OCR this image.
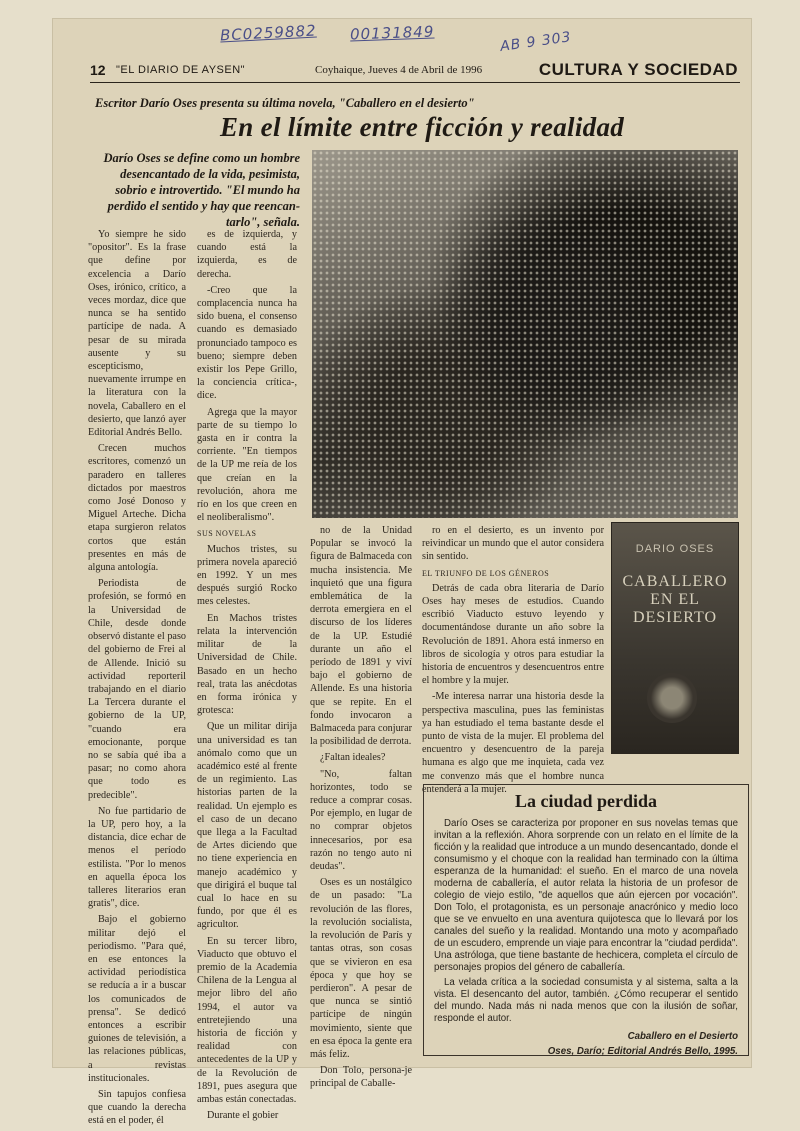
BC0259882 00131849	AB 9 303
12 "EL DIARIO DE AYSEN"	Coyhaique, Jueves 4 de Abril de 1996	CULTURA Y SOCIEDAD
Escritor Darío Oses presenta su última novela, "Caballero en el desierto"
En el límite entre ficción y realidad
Darío Oses se define como un hombre
desencantado de la vida, pesimista,
sobrio e introvertido. "El mundo ha
perdido el sentido y hay que reencan-
tarlo", señala.

Yo siempre he sido "opositor". Es la frase que define por excelencia a Darío Oses, irónico, crítico, a veces mordaz, dice que nunca se ha sentido partícipe de nada. A pesar de su mirada ausente y su escepticismo, nuevamente irrumpe en la literatura con la novela, Caballero en el desierto, que lanzó ayer Editorial Andrés Bello.

Crecen muchos escritores, comenzó un paradero en talleres dictados por maestros como José Donoso y Miguel Arteche. Dicha etapa surgieron relatos cortos que están presentes en más de alguna antología.

Periodista de profesión, se formó en la Universidad de Chile, desde donde observó distante el paso del gobierno de Frei al de Allende. Inició su actividad reporteril trabajando en el diario La Tercera durante el gobierno de la UP, "cuando era emocionante, porque no se sabía qué iba a pasar; no como ahora que todo es predecible".

No fue partidario de la UP, pero hoy, a la distancia, dice echar de menos el período estilista. "Por lo menos en aquella época los talleres literarios eran gratis", dice.

Bajo el gobierno militar dejó el periodismo. "Para qué, en ese entonces la actividad periodística se reducía a ir a buscar los comunicados de prensa". Se dedicó entonces a escribir guiones de televisión, a las relaciones públicas, a revistas institucionales.

Sin tapujos confiesa que cuando la derecha está en el poder, él

es de izquierda, y cuando está la izquierda, es de derecha.

-Creo que la complacencia nunca ha sido buena, el consenso cuando es demasiado pronunciado tampoco es bueno; siempre deben existir los Pepe Grillo, la conciencia crítica-, dice.

Agrega que la mayor parte de su tiempo lo gasta en ir contra la corriente. "En tiempos de la UP me reía de los que creían en la revolución, ahora me río en los que creen en el neoliberalismo".

SUS NOVELAS

Muchos tristes, su primera novela apareció en 1992. Y un mes después surgió Rocko mes celestes.

En Machos tristes relata la intervención militar de la Universidad de Chile. Basado en un hecho real, trata las anécdotas en forma irónica y grotesca:

Que un militar dirija una universidad es tan anómalo como que un académico esté al frente de un regimiento. Las historias parten de la realidad. Un ejemplo es el caso de un decano que llega a la Facultad de Artes diciendo que no tiene experiencia en manejo académico y que dirigirá el buque tal cual lo hace en su fundo, por que él es agricultor.

En su tercer libro, Viaducto que obtuvo el premio de la Academia Chilena de la Lengua al mejor libro del año 1994, el autor va entretejiendo una historia de ficción y realidad con antecedentes de la UP y de la Revolución de 1891, pues asegura que ambas están conectadas.

Durante el gobier

no de la Unidad Popular se invocó la figura de Balmaceda con mucha insistencia. Me inquietó que una figura emblemática de la derrota emergiera en el discurso de los líderes de la UP. Estudié durante un año el período de 1891 y viví bajo el gobierno de Allende. Es una historia que se repite. En el fondo invocaron a Balmaceda para conjurar la posibilidad de derrota.

¿Faltan ideales?

"No, faltan horizontes, todo se reduce a comprar cosas. Por ejemplo, en lugar de no comprar objetos innecesarios, por esa razón no tengo auto ni deudas".

Oses es un nostálgico de un pasado: "La revolución de las flores, la revolución socialista, la revolución de París y tantas otras, son cosas que se vivieron en esa época y que hoy se perdieron". A pesar de que nunca se sintió partícipe de ningún movimiento, siente que en esa época la gente era más feliz.

Don Tolo, persona-je principal de Caballe-

ro en el desierto, es un invento por reivindicar un mundo que el autor considera sin sentido.

EL TRIUNFO DE LOS GÉNEROS

Detrás de cada obra literaria de Darío Oses hay meses de estudios. Cuando escribió Viaducto estuvo leyendo y documentándose durante un año sobre la Revolución de 1891. Ahora está inmerso en libros de sicología y otros para estudiar la historia de encuentros y desencuentros entre el hombre y la mujer.

-Me interesa narrar una historia desde la perspectiva masculina, pues las feministas ya han estudiado el tema bastante desde el punto de vista de la mujer. El problema del encuentro y desencuentro de la pareja humana es algo que me inquieta, cada vez me convenzo más que el hombre nunca entenderá a la mujer.

DARIO OSES
CABALLERO EN EL DESIERTO
La ciudad perdida

Darío Oses se caracteriza por proponer en sus novelas temas que invitan a la reflexión. Ahora sorprende con un relato en el límite de la ficción y la realidad que introduce a un mundo desencantado, donde el consumismo y el choque con la realidad han terminado con la última esperanza de la humanidad: el sueño. En el marco de una novela moderna de caballería, el autor relata la historia de un profesor de colegio de viejo estilo, "de aquellos que aún ejercen por vocación". Don Tolo, el protagonista, es un personaje anacrónico y medio loco que se ve envuelto en una aventura quijotesca que lo llevará por los canales del sueño y la realidad. Montando una moto y acompañado de un escudero, emprende un viaje para encontrar la "ciudad perdida". Una astróloga, que tiene bastante de hechicera, completa el círculo de personajes propios del género de caballería.

La velada crítica a la sociedad consumista y al sistema, salta a la vista. El desencanto del autor, también. ¿Cómo recuperar el sentido del mundo. Nada más ni nada menos que con la ilusión de soñar, responde el autor.

Caballero en el Desierto

Oses, Darío; Editorial Andrés Bello, 1995.
